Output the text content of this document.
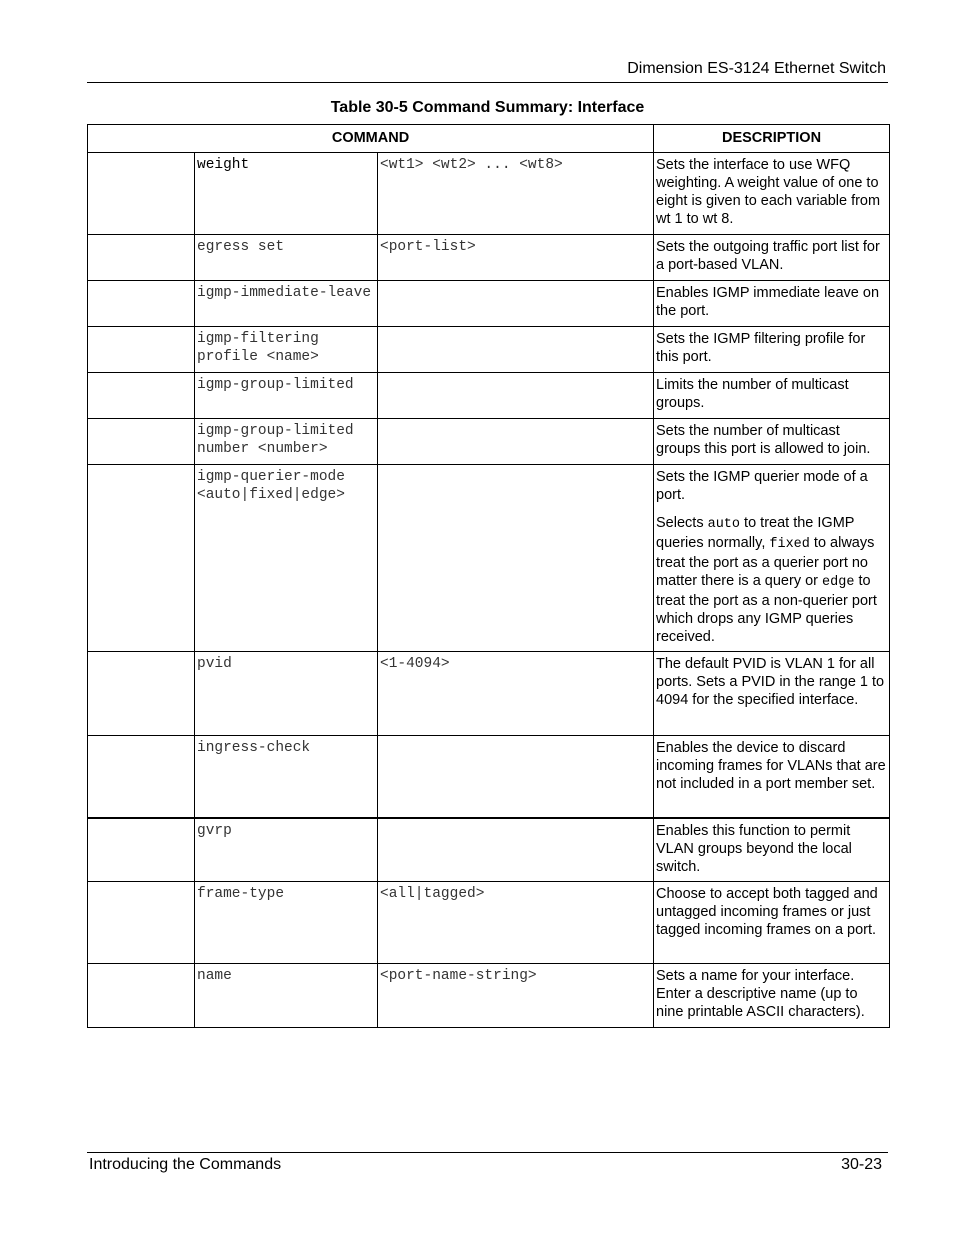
Dimension ES-3124 Ethernet Switch
Table 30-5 Command Summary: Interface
COMMAND			DESCRIPTION
	weight	<wt1> <wt2> ... <wt8>	Sets the interface to use WFQ weighting. A weight value of one to eight is given to each variable from wt 1 to wt 8.
	egress set	<port-list>	Sets the outgoing traffic port list for a port-based VLAN.
	igmp-immediate-leave		Enables IGMP immediate leave on the port.
	igmp-filtering profile <name>		Sets the IGMP filtering profile for this port.
	igmp-group-limited		Limits the number of multicast groups.
	igmp-group-limited number <number>		Sets the number of multicast groups this port is allowed to join.
	igmp-querier-mode <auto|fixed|edge>		Sets the IGMP querier mode of a port.

Selects auto to treat the IGMP queries normally, fixed to always treat the port as a querier port no matter there is a query or edge to treat the port as a non-querier port which drops any IGMP queries received.

	pvid	<1-4094>	The default PVID is VLAN 1 for all ports. Sets a PVID in the range 1 to 4094 for the specified interface.
	ingress-check		Enables the device to discard incoming frames for VLANs that are not included in a port member set.
	gvrp		Enables this function to permit VLAN groups beyond the local switch.
	frame-type	<all|tagged>	Choose to accept both tagged and untagged incoming frames or just tagged incoming frames on a port.
	name	<port-name-string>	Sets a name for your interface. Enter a descriptive name (up to nine printable ASCII characters).
Introducing the Commands	30-23
